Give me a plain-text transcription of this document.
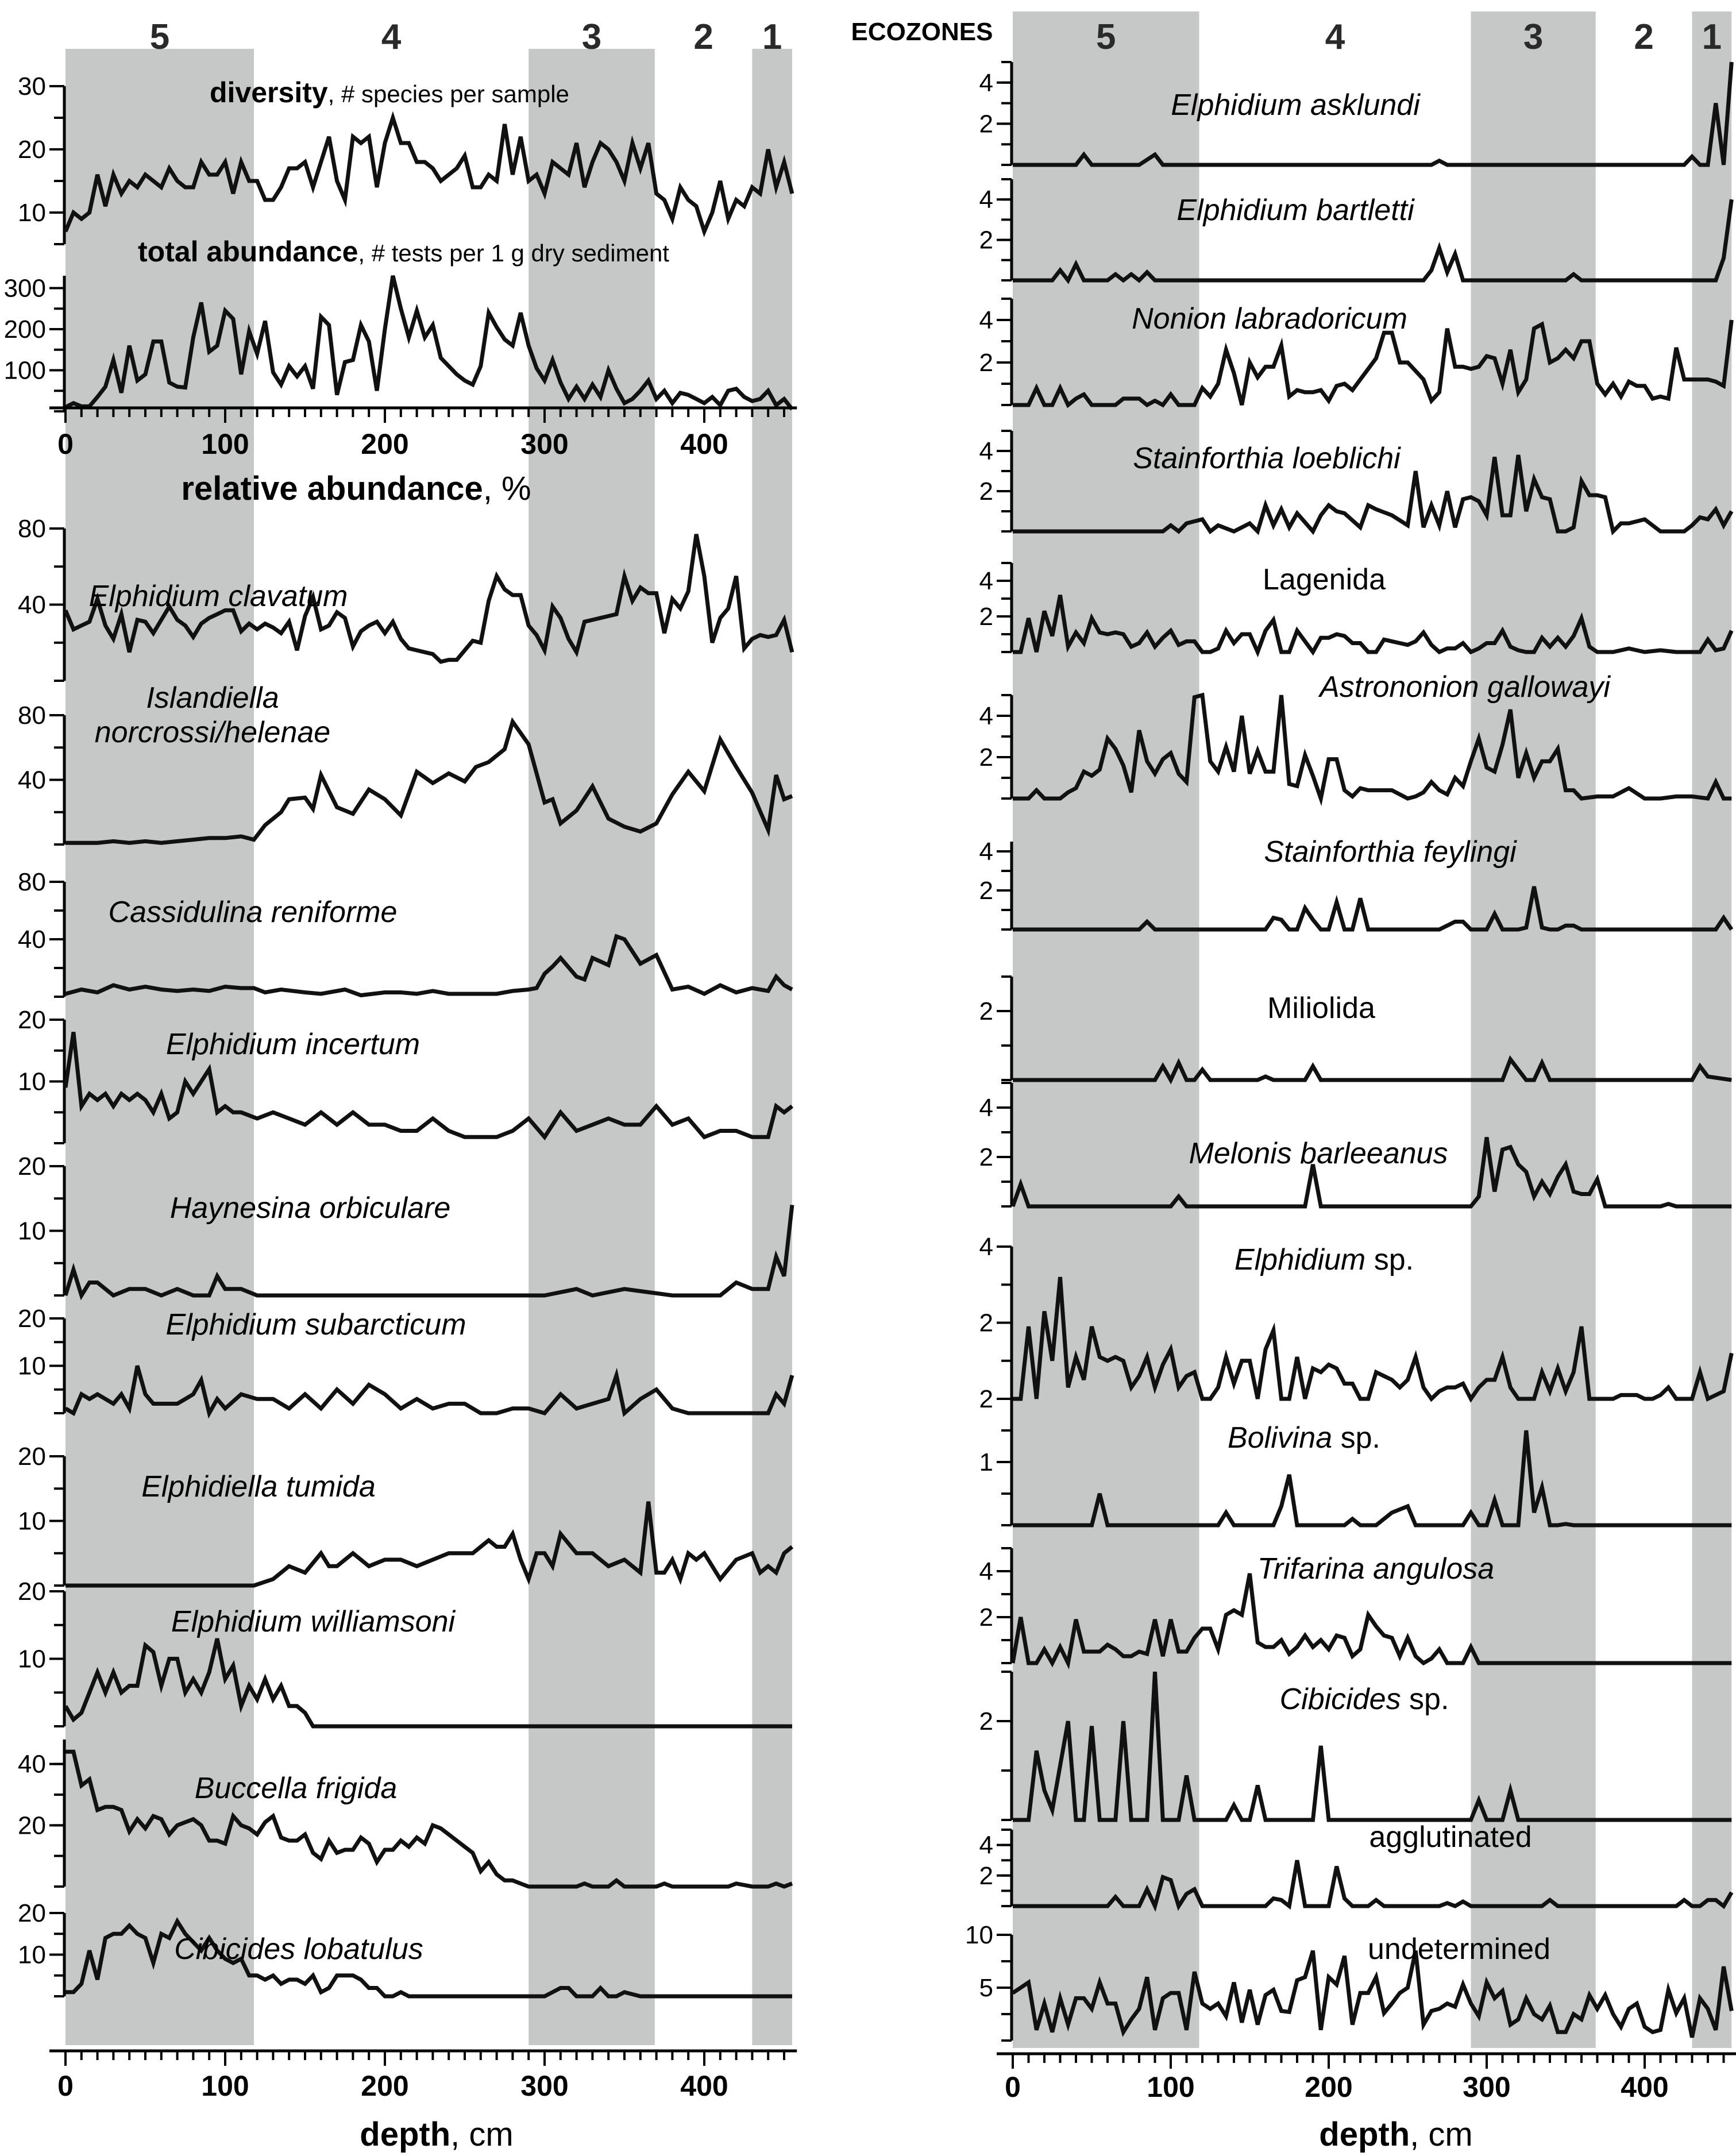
5	4	3	2 1	5	4	3	2 1
10
20
30
100
200
300
40
80
Elphidium clavatum
40
80
Islandiella norcrossi/helenae
40
80
Cassidulina reniforme
10
20
Elphidium incertum
10
20
Haynesina orbiculare
10
20	Elphidium subarcticum
10
20
Elphidiella tumida
10
20
Elphidium williamsoni
20
40
Buccella frigida
10
20
Cibicides lobatulus
2
4
Elphidium asklundi
2
4	Elphidium bartletti
2
4	Nonion labradoricum
2
4	Stainforthia loeblichi
2
4	Lagenida
2
4
Astrononion gallowayi
2
4	Stainforthia feylingi
2	Miliolida
2
4
Melonis barleeanus
2
4	Elphidium sp.
1
2
Bolivina sp.
2
4	Trifarina angulosa
2
Cibicides sp.
2
4	agglutinated
5
10	undetermined
diversity, # species per sample
total abundance, # tests per 1 g dry sediment
0	100	200	300	400
relative abundance, %
0	100	200	300	400
depth, cm
0	100	200	300	400
depth, cm
ECOZONES
